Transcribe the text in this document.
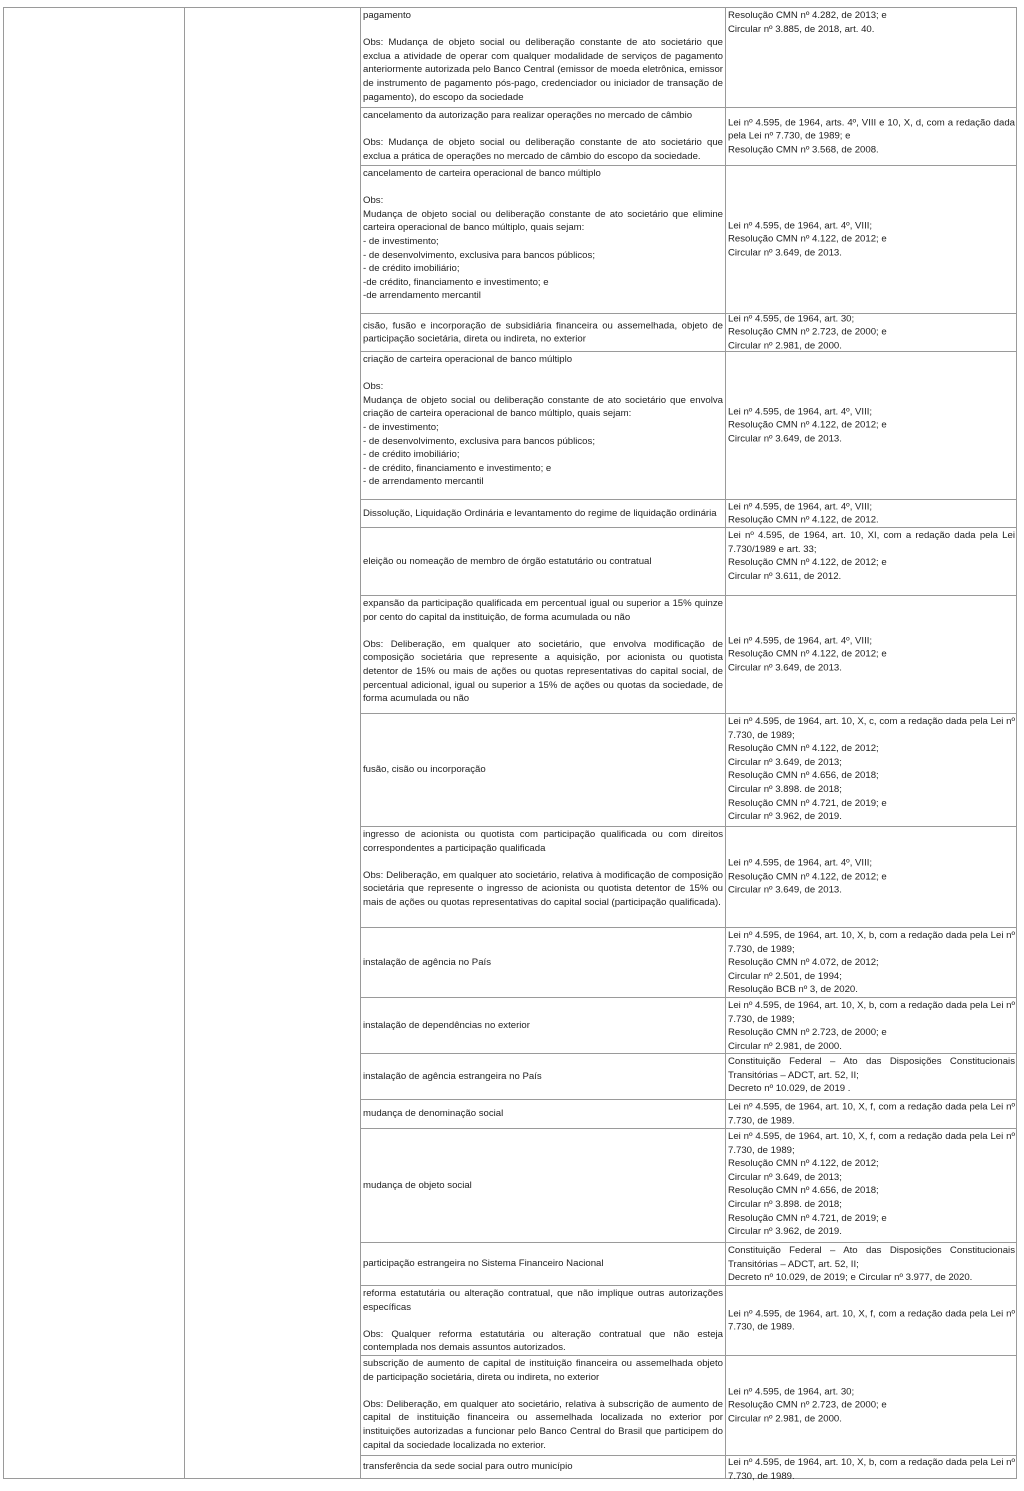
pagamento

Obs: Mudança de objeto social ou deliberação constante de ato societário que exclua a atividade de operar com qualquer modalidade de serviços de pagamento anteriormente autorizada pelo Banco Central (emissor de moeda eletrônica, emissor de instrumento de pagamento pós-pago, credenciador ou iniciador de transação de pagamento), do escopo da sociedade
Resolução CMN nº 4.282, de 2013; e
Circular nº 3.885, de 2018, art. 40.
cancelamento da autorização para realizar operações no mercado de câmbio

Obs: Mudança de objeto social ou deliberação constante de ato societário que exclua a prática de operações no mercado de câmbio do escopo da sociedade.
Lei nº 4.595, de 1964, arts. 4º, VIII e 10, X, d, com a redação dada pela Lei nº 7.730, de 1989; e
Resolução CMN nº 3.568, de 2008.
cancelamento de carteira operacional de banco múltiplo

Obs:
Mudança de objeto social ou deliberação constante de ato societário que elimine carteira operacional de banco múltiplo, quais sejam:
- de investimento;
- de desenvolvimento, exclusiva para bancos públicos;
- de crédito imobiliário;
-de crédito, financiamento e investimento; e
-de arrendamento mercantil
Lei nº 4.595, de 1964, art. 4º, VIII;
Resolução CMN nº 4.122, de 2012; e
Circular nº 3.649, de 2013.
cisão, fusão e incorporação de subsidiária financeira ou assemelhada, objeto de participação societária, direta ou indireta, no exterior
Lei nº 4.595, de 1964, art. 30;
Resolução CMN nº 2.723, de 2000; e
Circular nº 2.981, de 2000.
criação de carteira operacional de banco múltiplo

Obs:
Mudança de objeto social ou deliberação constante de ato societário que envolva criação de carteira operacional de banco múltiplo, quais sejam:
- de investimento;
- de desenvolvimento, exclusiva para bancos públicos;
- de crédito imobiliário;
- de crédito, financiamento e investimento; e
- de arrendamento mercantil
Lei nº 4.595, de 1964, art. 4º, VIII;
Resolução CMN nº 4.122, de 2012; e
Circular nº 3.649, de 2013.
Dissolução, Liquidação Ordinária e levantamento do regime de liquidação ordinária
Lei nº 4.595, de 1964, art. 4º, VIII;
Resolução CMN nº 4.122, de 2012.
eleição ou nomeação de membro de órgão estatutário ou contratual
Lei nº 4.595, de 1964, art. 10, XI, com a redação dada pela Lei 7.730/1989 e art. 33;
Resolução CMN nº 4.122, de 2012; e
Circular nº 3.611, de 2012.
expansão da participação qualificada em percentual igual ou superior a 15% quinze por cento do capital da instituição, de forma acumulada ou não

Obs: Deliberação, em qualquer ato societário, que envolva modificação de composição societária que represente a aquisição, por acionista ou quotista detentor de 15% ou mais de ações ou quotas representativas do capital social, de percentual adicional, igual ou superior a 15% de ações ou quotas da sociedade, de forma acumulada ou não
Lei nº 4.595, de 1964, art. 4º, VIII;
Resolução CMN nº 4.122, de 2012; e
Circular nº 3.649, de 2013.
fusão, cisão ou incorporação
Lei nº 4.595, de 1964, art. 10, X, c, com a redação dada pela Lei nº 7.730, de 1989;
Resolução CMN nº 4.122, de 2012;
Circular nº 3.649, de 2013;
Resolução CMN nº 4.656, de 2018;
Circular nº 3.898. de 2018;
Resolução CMN nº 4.721, de 2019; e
Circular nº 3.962, de 2019.
ingresso de acionista ou quotista com participação qualificada ou com direitos correspondentes a participação qualificada

Obs: Deliberação, em qualquer ato societário, relativa à modificação de composição societária que represente o ingresso de acionista ou quotista detentor de 15% ou mais de ações ou quotas representativas do capital social (participação qualificada).
Lei nº 4.595, de 1964, art. 4º, VIII;
Resolução CMN nº 4.122, de 2012; e
Circular nº 3.649, de 2013.
instalação de agência no País
Lei nº 4.595, de 1964, art. 10, X, b, com a redação dada pela Lei nº 7.730, de 1989;
Resolução CMN nº 4.072, de 2012;
Circular nº 2.501, de 1994;
Resolução BCB nº 3, de 2020.
instalação de dependências no exterior
Lei nº 4.595, de 1964, art. 10, X, b, com a redação dada pela Lei nº 7.730, de 1989;
Resolução CMN nº 2.723, de 2000; e
Circular nº 2.981, de 2000.
instalação de agência estrangeira no País
Constituição Federal – Ato das Disposições Constitucionais Transitórias – ADCT, art. 52, II;
Decreto nº 10.029, de 2019 .
mudança de denominação social
Lei nº 4.595, de 1964, art. 10, X, f, com a redação dada pela Lei nº 7.730, de 1989.
mudança de objeto social
Lei nº 4.595, de 1964, art. 10, X, f, com a redação dada pela Lei nº 7.730, de 1989;
Resolução CMN nº 4.122, de 2012;
Circular nº 3.649, de 2013;
Resolução CMN nº 4.656, de 2018;
Circular nº 3.898. de 2018;
Resolução CMN nº 4.721, de 2019; e
Circular nº 3.962, de 2019.
participação estrangeira no Sistema Financeiro Nacional
Constituição Federal – Ato das Disposições Constitucionais Transitórias – ADCT, art. 52, II;
Decreto nº 10.029, de 2019; e Circular nº 3.977, de 2020.
reforma estatutária ou alteração contratual, que não implique outras autorizações específicas

Obs: Qualquer reforma estatutária ou alteração contratual que não esteja contemplada nos demais assuntos autorizados.
Lei nº 4.595, de 1964, art. 10, X, f, com a redação dada pela Lei nº 7.730, de 1989.
subscrição de aumento de capital de instituição financeira ou assemelhada objeto de participação societária, direta ou indireta, no exterior

Obs: Deliberação, em qualquer ato societário, relativa à subscrição de aumento de capital de instituição financeira ou assemelhada localizada no exterior por instituições autorizadas a funcionar pelo Banco Central do Brasil que participem do capital da sociedade localizada no exterior.
Lei nº 4.595, de 1964, art. 30;
Resolução CMN nº 2.723, de 2000; e
Circular nº 2.981, de 2000.
transferência da sede social para outro município	Lei nº 4.595, de 1964, art. 10, X, b, com a redação dada pela Lei nº 7.730, de 1989.
